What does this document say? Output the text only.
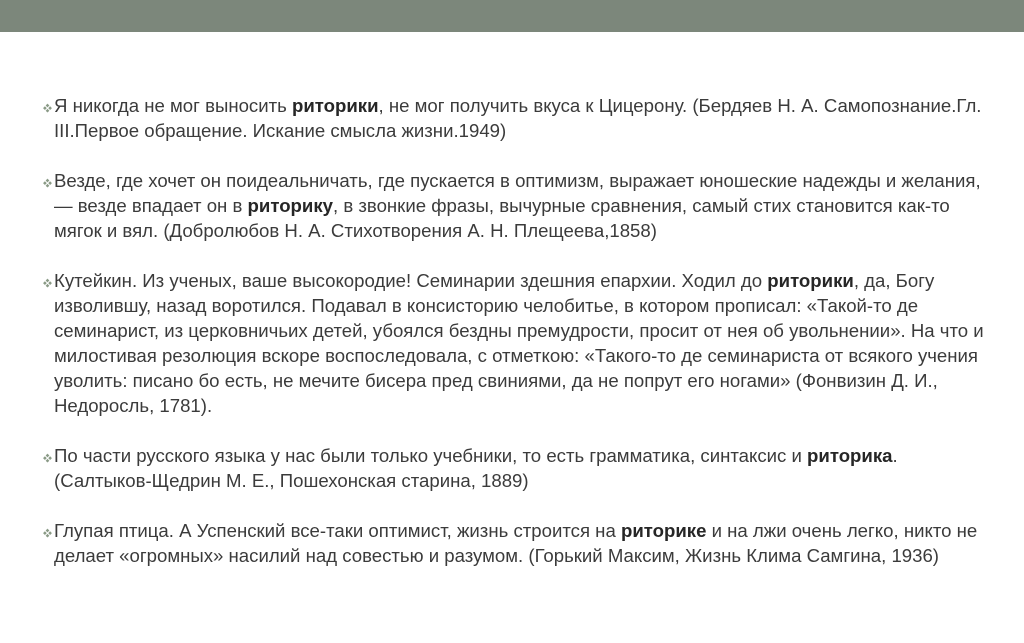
Я никогда не мог выносить риторики, не мог получить вкуса к Цицерону. (Бердяев Н. А. Самопознание.Гл. III.Первое обращение. Искание смысла жизни.1949)
Везде, где хочет он поидеальничать, где пускается в оптимизм, выражает юношеские надежды и желания, — везде впадает он в риторику, в звонкие фразы, вычурные сравнения, самый стих становится как-то мягок и вял. (Добролюбов Н. А. Стихотворения А. Н. Плещеева,1858)
Кутейкин. Из ученых, ваше высокородие! Семинарии здешния епархии. Ходил до риторики, да, Богу изволившу, назад воротился. Подавал в консисторию челобитье, в котором прописал: «Такой-то де семинарист, из церковничьих детей, убоялся бездны премудрости, просит от нея об увольнении». На что и милостивая резолюция вскоре воспоследовала, с отметкою: «Такого-то де семинариста от всякого учения уволить: писано бо есть, не мечите бисера пред свиниями, да не попрут его ногами» (Фонвизин Д. И., Недоросль, 1781).
По части русского языка у нас были только учебники, то есть грамматика, синтаксис и риторика.(Салтыков-Щедрин М. Е., Пошехонская старина, 1889)
Глупая птица. А Успенский все-таки оптимист, жизнь строится на риторике и на лжи очень легко, никто не делает «огромных» насилий над совестью и разумом. (Горький Максим, Жизнь Клима Самгина, 1936)
